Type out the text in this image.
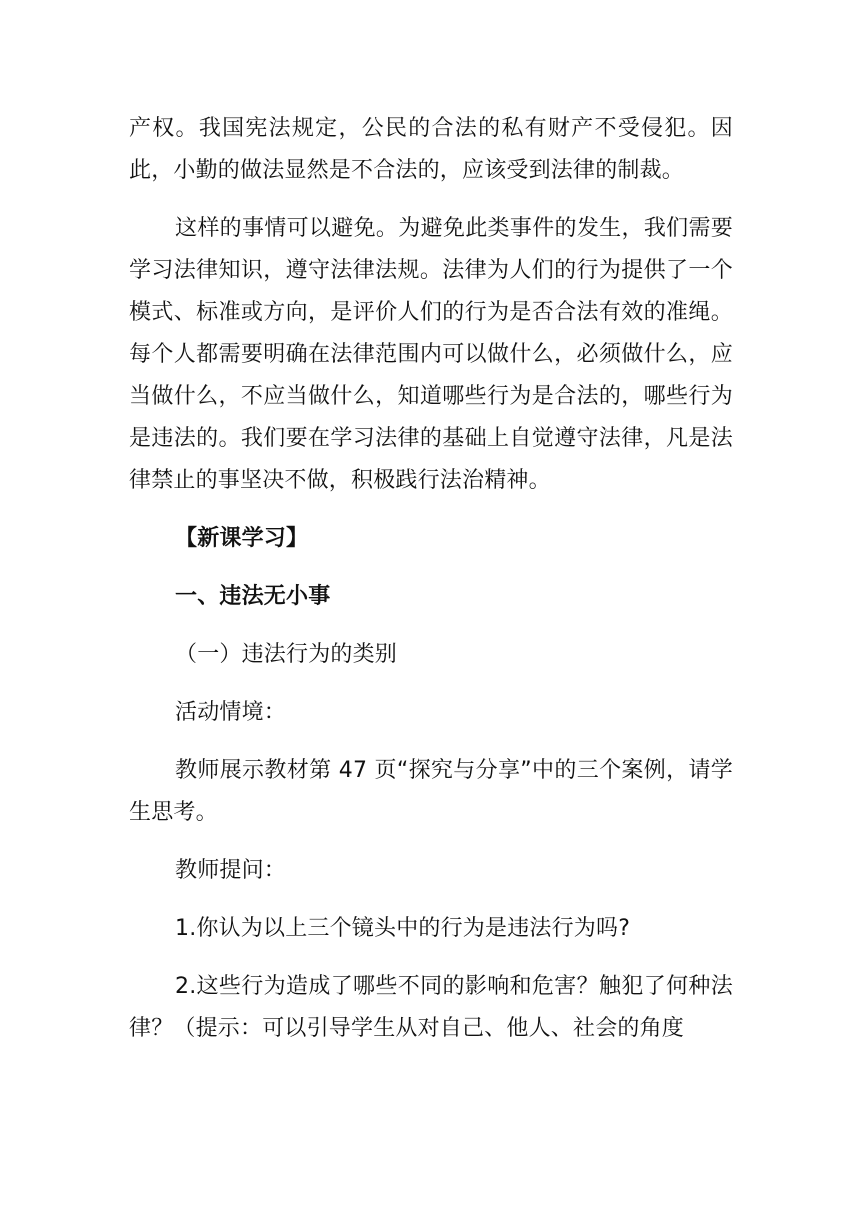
产权。我国宪法规定，公民的合法的私有财产不受侵犯。因此，小勤的做法显然是不合法的，应该受到法律的制裁。

这样的事情可以避免。为避免此类事件的发生，我们需要学习法律知识，遵守法律法规。法律为人们的行为提供了一个模式、标准或方向，是评价人们的行为是否合法有效的准绳。每个人都需要明确在法律范围内可以做什么，必须做什么，应当做什么，不应当做什么，知道哪些行为是合法的，哪些行为是违法的。我们要在学习法律的基础上自觉遵守法律，凡是法律禁止的事坚决不做，积极践行法治精神。

【新课学习】
一、违法无小事
（一）违法行为的类别
活动情境：

教师展示教材第 47 页“探究与分享”中的三个案例，请学生思考。

教师提问：

1.你认为以上三个镜头中的行为是违法行为吗?

2.这些行为造成了哪些不同的影响和危害？触犯了何种法律？（提示：可以引导学生从对自己、他人、社会的角度
